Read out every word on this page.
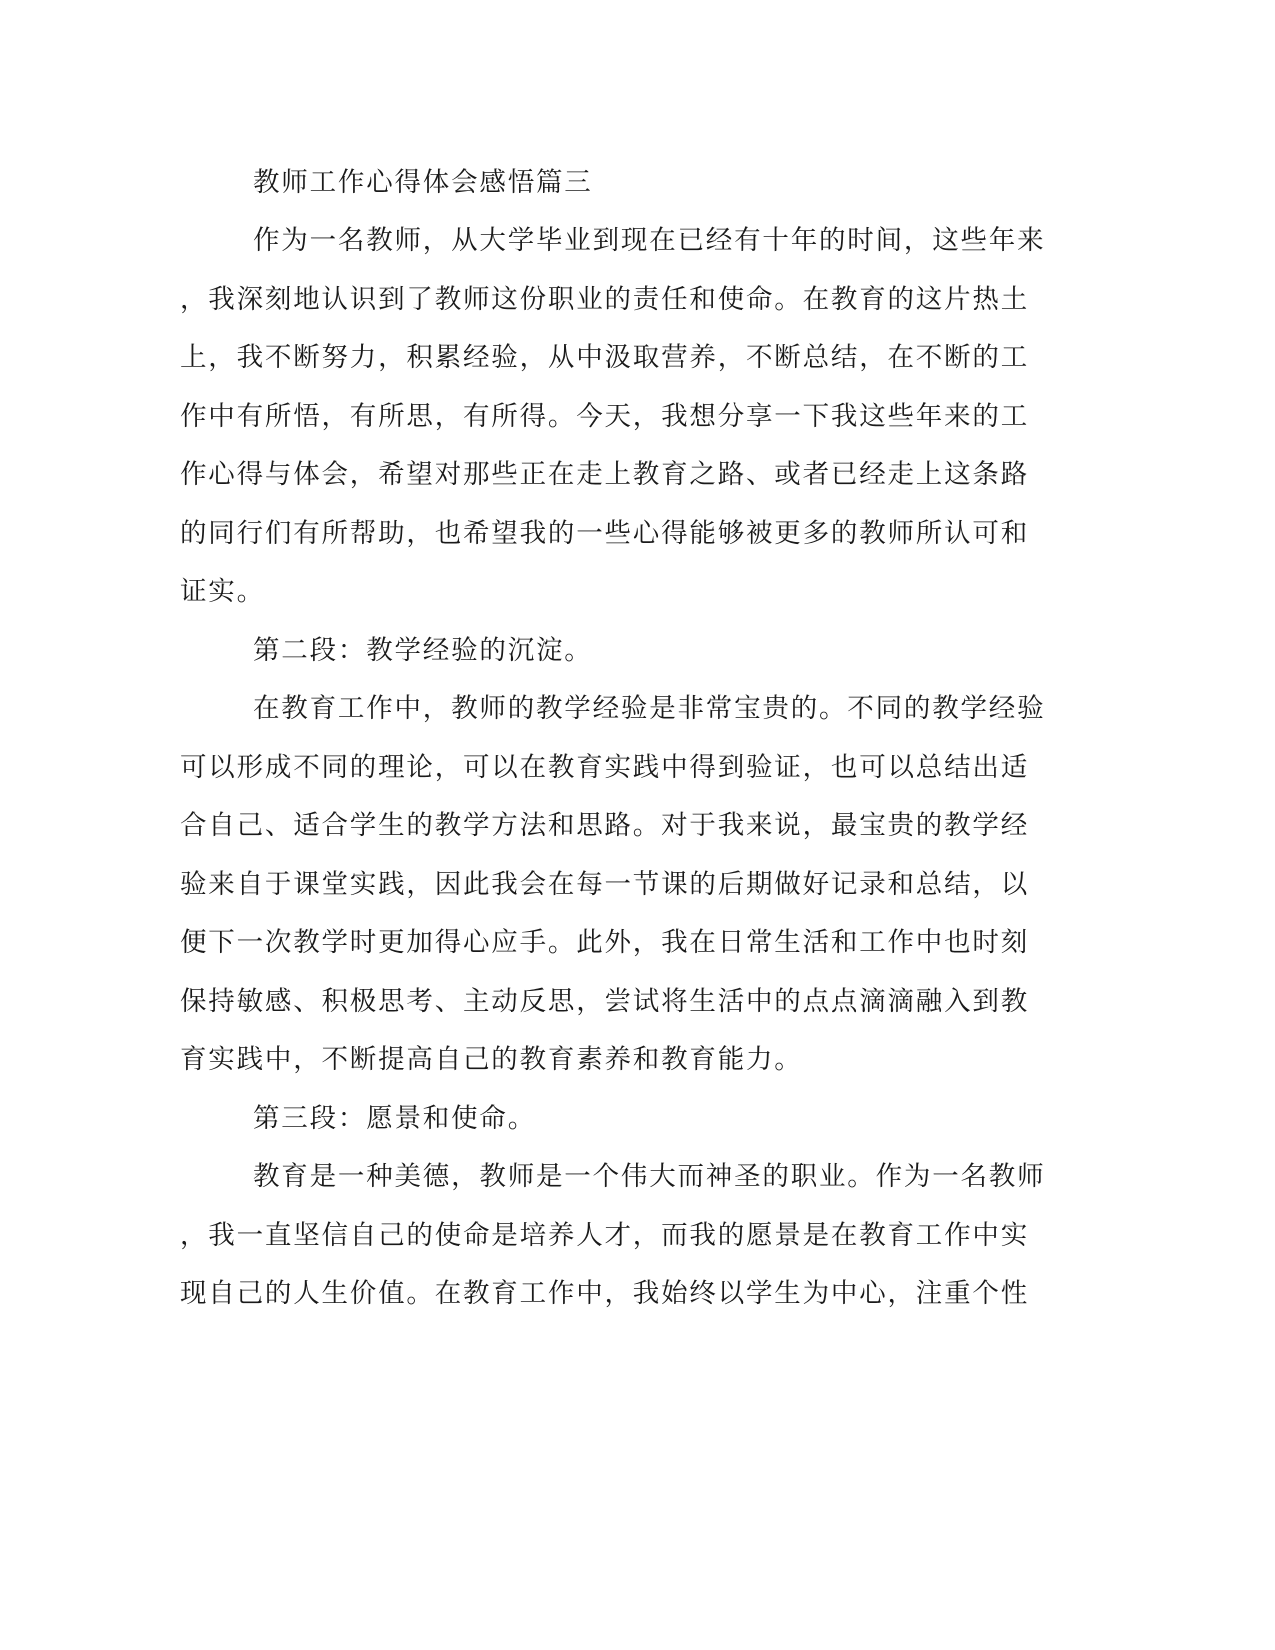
教师工作心得体会感悟篇三
作为一名教师，从大学毕业到现在已经有十年的时间，这些年来
，我深刻地认识到了教师这份职业的责任和使命。在教育的这片热土
上，我不断努力，积累经验，从中汲取营养，不断总结，在不断的工
作中有所悟，有所思，有所得。今天，我想分享一下我这些年来的工
作心得与体会，希望对那些正在走上教育之路、或者已经走上这条路
的同行们有所帮助，也希望我的一些心得能够被更多的教师所认可和
证实。
第二段：教学经验的沉淀。
在教育工作中，教师的教学经验是非常宝贵的。不同的教学经验
可以形成不同的理论，可以在教育实践中得到验证，也可以总结出适
合自己、适合学生的教学方法和思路。对于我来说，最宝贵的教学经
验来自于课堂实践，因此我会在每一节课的后期做好记录和总结，以
便下一次教学时更加得心应手。此外，我在日常生活和工作中也时刻
保持敏感、积极思考、主动反思，尝试将生活中的点点滴滴融入到教
育实践中，不断提高自己的教育素养和教育能力。
第三段：愿景和使命。
教育是一种美德，教师是一个伟大而神圣的职业。作为一名教师
，我一直坚信自己的使命是培养人才，而我的愿景是在教育工作中实
现自己的人生价值。在教育工作中，我始终以学生为中心，注重个性
